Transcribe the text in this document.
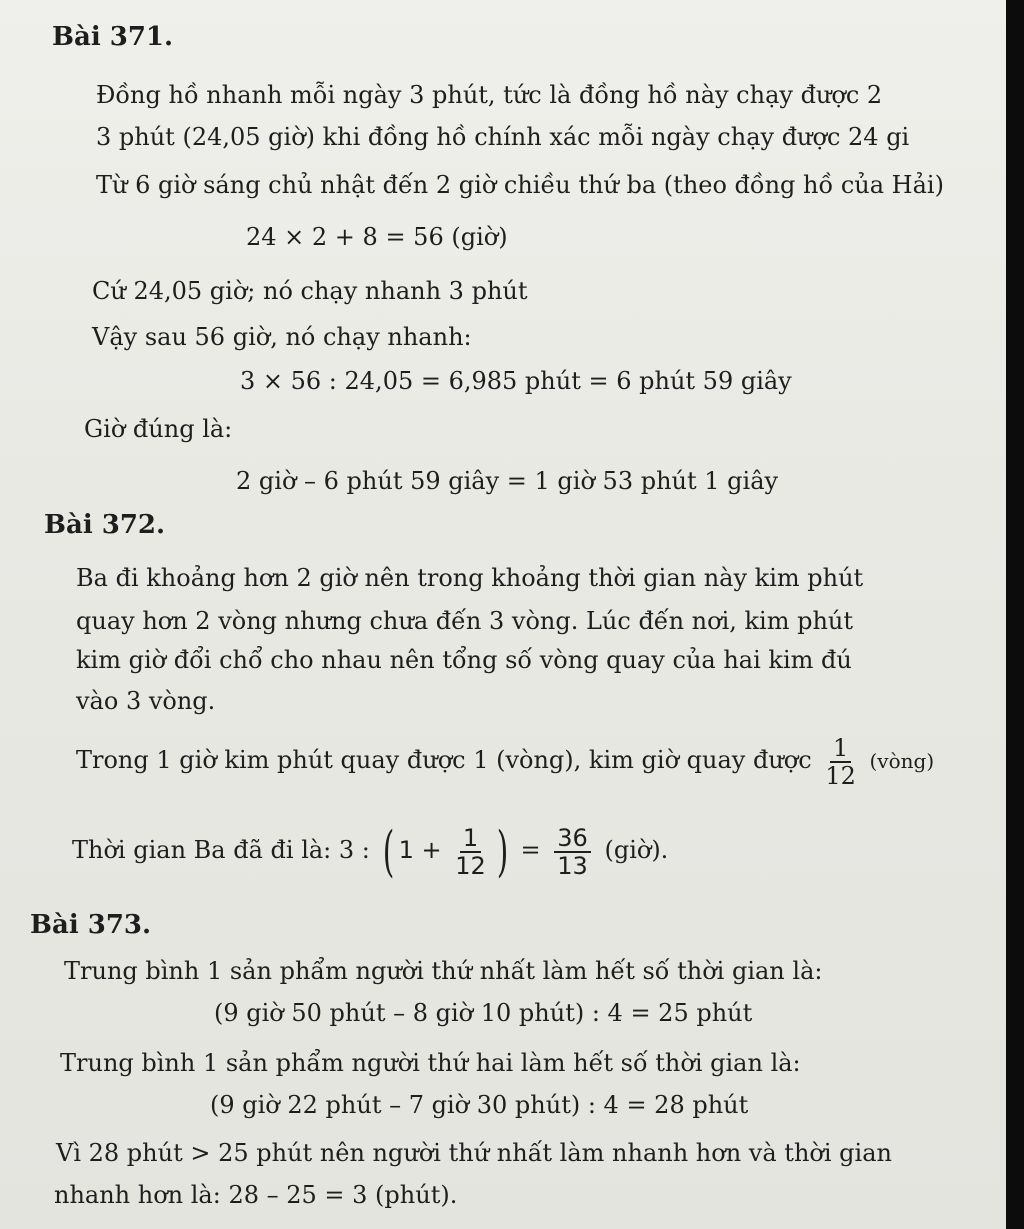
Bài 371.
Đồng hồ nhanh mỗi ngày 3 phút, tức là đồng hồ này chạy được 2
3 phút (24,05 giờ) khi đồng hồ chính xác mỗi ngày chạy được 24 gi
Từ 6 giờ sáng chủ nhật đến 2 giờ chiều thứ ba (theo đồng hồ của Hải)
24 × 2 + 8 = 56 (giờ)
Cứ 24,05 giờ; nó chạy nhanh 3 phút
Vậy sau 56 giờ, nó chạy nhanh:
3 × 56 : 24,05 = 6,985 phút = 6 phút 59 giây
Giờ đúng là:
2 giờ – 6 phút 59 giây = 1 giờ 53 phút 1 giây
Bài 372.
Ba đi khoảng hơn 2 giờ nên trong khoảng thời gian này kim phút
quay hơn 2 vòng nhưng chưa đến 3 vòng. Lúc đến nơi, kim phút
kim giờ đổi chổ cho nhau nên tổng số vòng quay của hai kim đú
vào 3 vòng.
Trong 1 giờ kim phút quay được 1 (vòng), kim giờ quay được $\frac{1}{12}$ (vòng)
Thời gian Ba đã đi là: 3 : ( $1 + \frac{1}{12}$ ) = $\frac{36}{13}$ (giờ).
Bài 373.
Trung bình 1 sản phẩm người thứ nhất làm hết số thời gian là:
(9 giờ 50 phút – 8 giờ 10 phút) : 4 = 25 phút
Trung bình 1 sản phẩm người thứ hai làm hết số thời gian là:
(9 giờ 22 phút – 7 giờ 30 phút) : 4 = 28 phút
Vì 28 phút > 25 phút nên người thứ nhất làm nhanh hơn và thời gian
nhanh hơn là: 28 – 25 = 3 (phút).
